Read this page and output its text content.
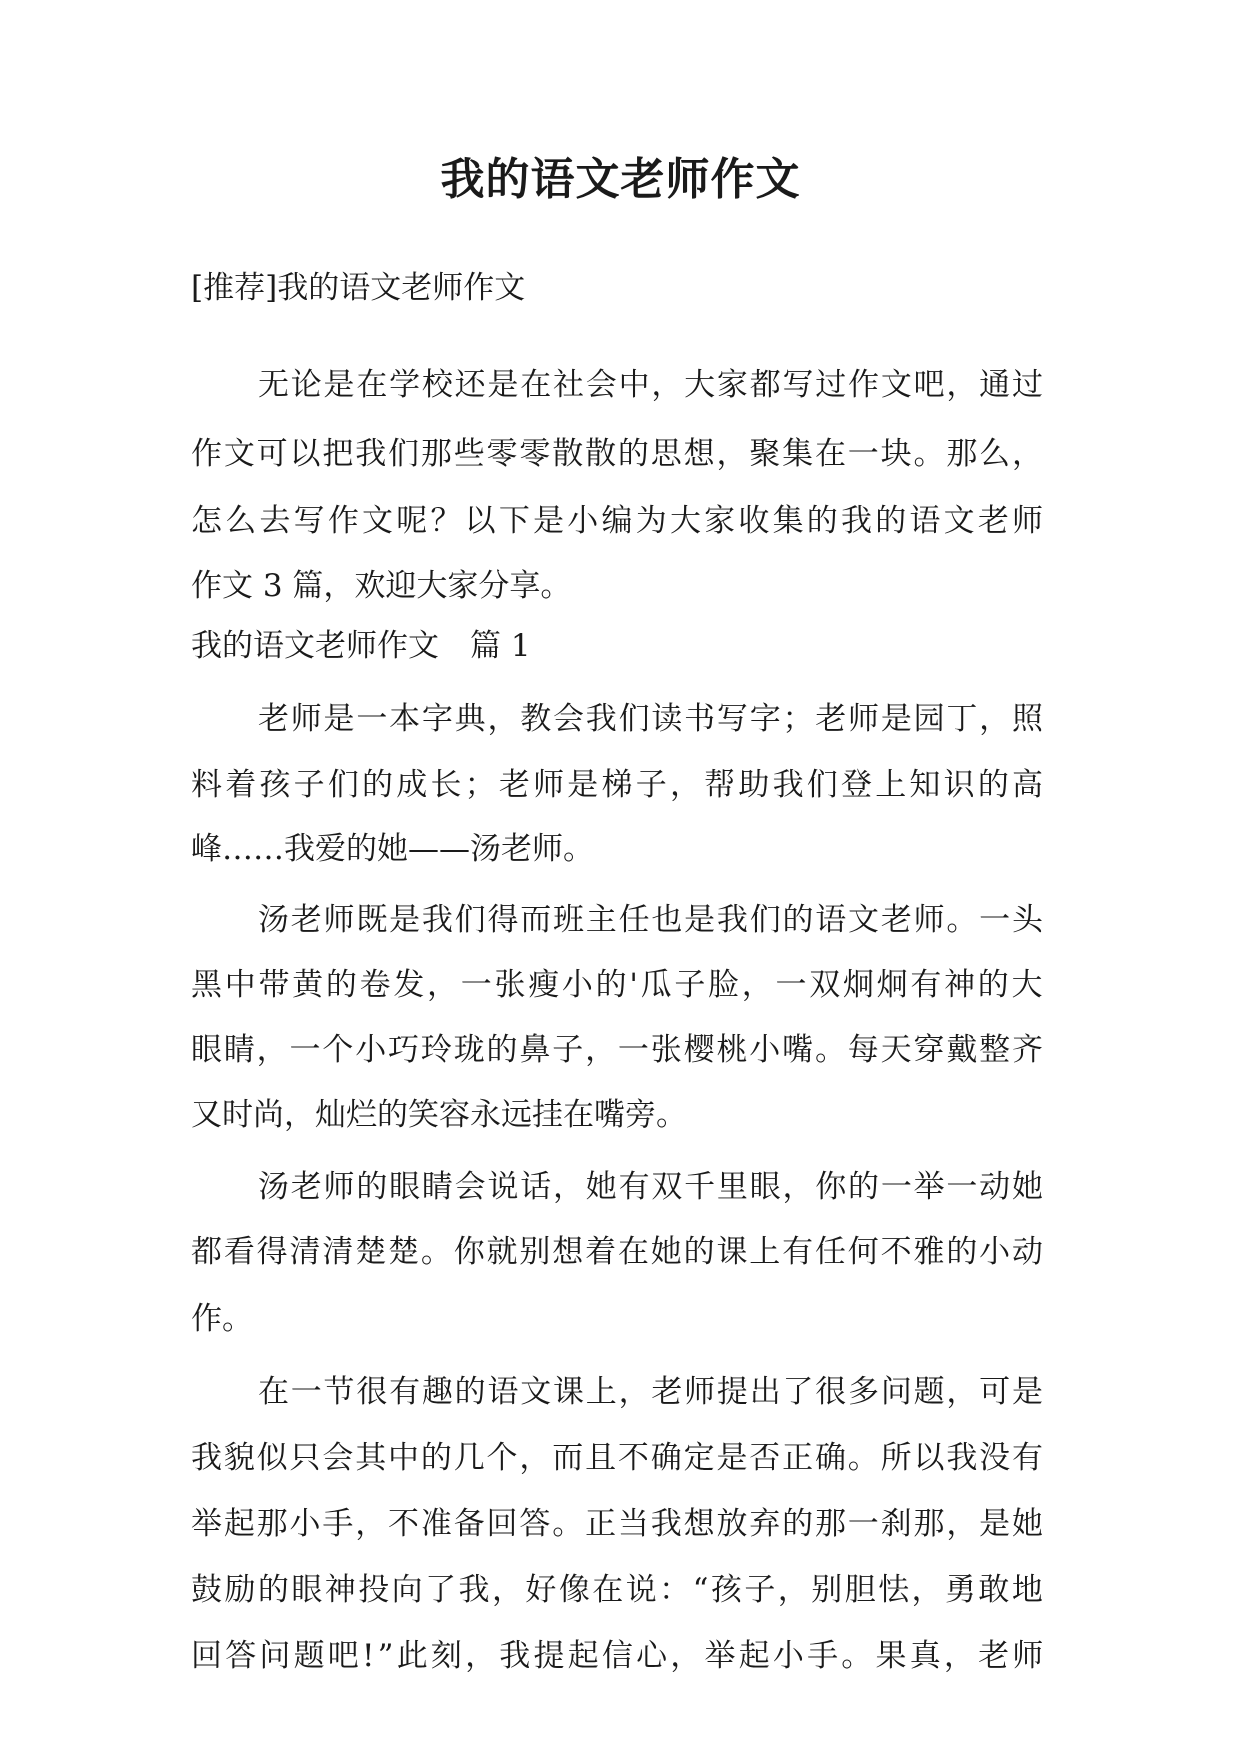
我的语文老师作文

[推荐]我的语文老师作文

无论是在学校还是在社会中，大家都写过作文吧，通过

作文可以把我们那些零零散散的思想，聚集在一块。那么，

怎么去写作文呢？以下是小编为大家收集的我的语文老师

作文 3 篇，欢迎大家分享。

我的语文老师作文　篇 1

老师是一本字典，教会我们读书写字；老师是园丁，照

料着孩子们的成长；老师是梯子，帮助我们登上知识的高

峰……我爱的她——汤老师。

汤老师既是我们得而班主任也是我们的语文老师。一头

黑中带黄的卷发，一张瘦小的'瓜子脸，一双炯炯有神的大

眼睛，一个小巧玲珑的鼻子，一张樱桃小嘴。每天穿戴整齐

又时尚，灿烂的笑容永远挂在嘴旁。

汤老师的眼睛会说话，她有双千里眼，你的一举一动她

都看得清清楚楚。你就别想着在她的课上有任何不雅的小动

作。

在一节很有趣的语文课上，老师提出了很多问题，可是

我貌似只会其中的几个，而且不确定是否正确。所以我没有

举起那小手，不准备回答。正当我想放弃的那一刹那，是她

鼓励的眼神投向了我，好像在说：“孩子，别胆怯，勇敢地

回答问题吧!”此刻，我提起信心，举起小手。果真，老师
